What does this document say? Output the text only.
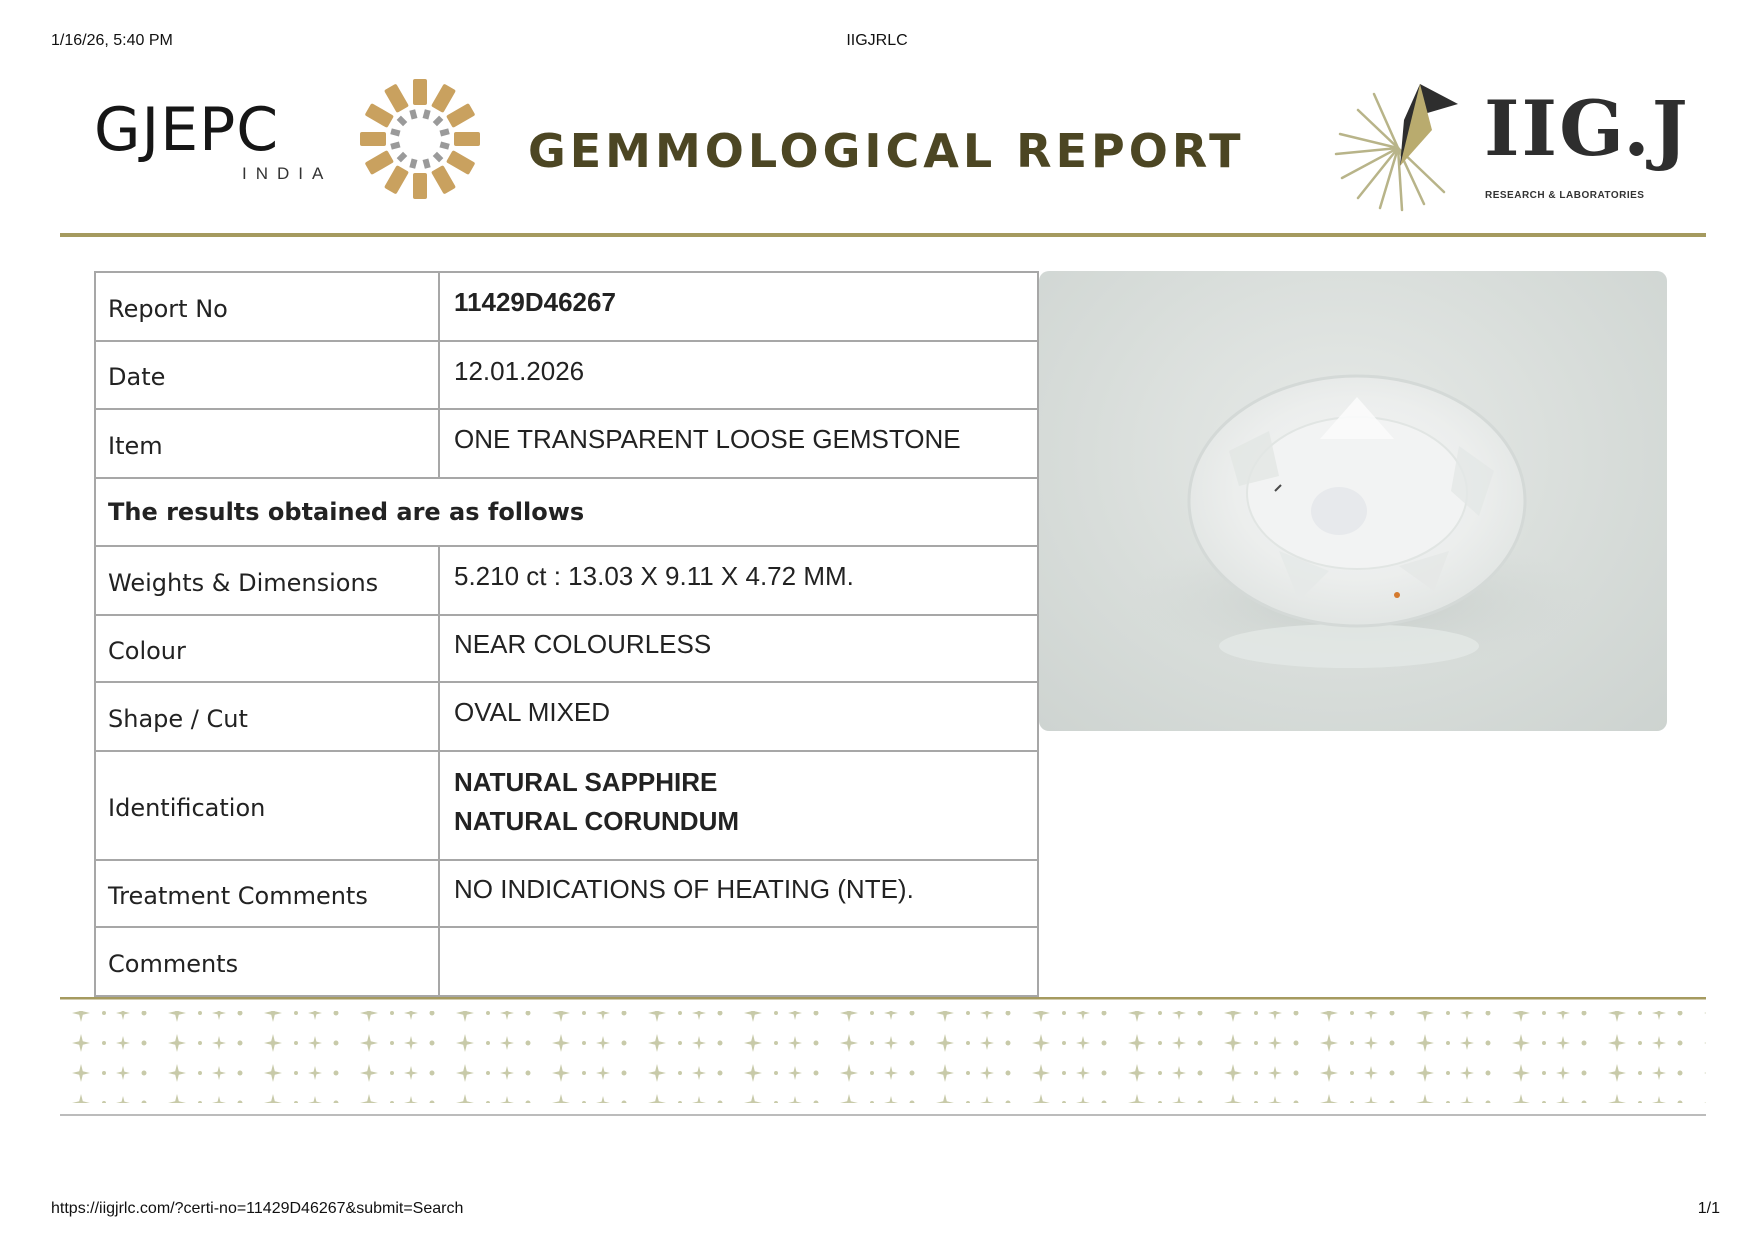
1/16/26, 5:40 PM	IIGJRLC
GJEPC
INDIA	GEMMOLOGICAL REPORT	IIG.J
RESEARCH & LABORATORIES
Report No	11429D46267
Date	12.01.2026
Item	ONE TRANSPARENT LOOSE GEMSTONE
The results obtained are as follows	
Weights & Dimensions	5.210 ct : 13.03 X 9.11 X 4.72 MM.
Colour	NEAR COLOURLESS
Shape / Cut	OVAL MIXED
Identification	NATURAL SAPPHIRE
NATURAL CORUNDUM

Treatment Comments	NO INDICATIONS OF HEATING (NTE).
Comments	
https://iigjrlc.com/?certi-no=11429D46267&submit=Search	1/1
